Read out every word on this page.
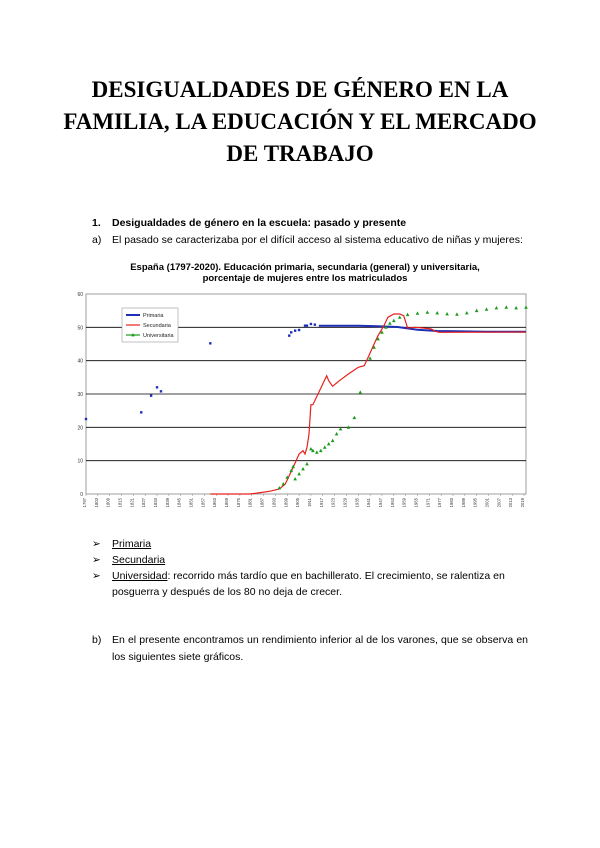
DESIGUALDADES DE GÉNERO EN LA
FAMILIA, LA EDUCACIÓN Y EL MERCADO
DE TRABAJO
1. Desigualdades de género en la escuela: pasado y presente
a) El pasado se caracterizaba por el difícil acceso al sistema educativo de niñas y mujeres:
España (1797-2020). Educación primaria, secundaria (general) y universitaria,
porcentaje de mujeres entre los matriculados
0
10
20
30
40
50
60
1797 1803 1809 1815 1821 1827 1833 1839 1845 1851 1857 1863 1869 1875 1881 1887 1893 1899 1905 1911 1917 1923 1929 1935 1941 1947 1953 1959 1965 1971 1977 1983 1989 1995 2001 2007 2013 2019
Primaria
Secundaria
Universitaria
➢ Primaria
➢ Secundaria
➢ Universidad: recorrido más tardío que en bachillerato. El crecimiento, se ralentiza en posguerra y después de los 80 no deja de crecer.
b)	En el presente encontramos un rendimiento inferior al de los varones, que se observa en los siguientes siete gráficos.
